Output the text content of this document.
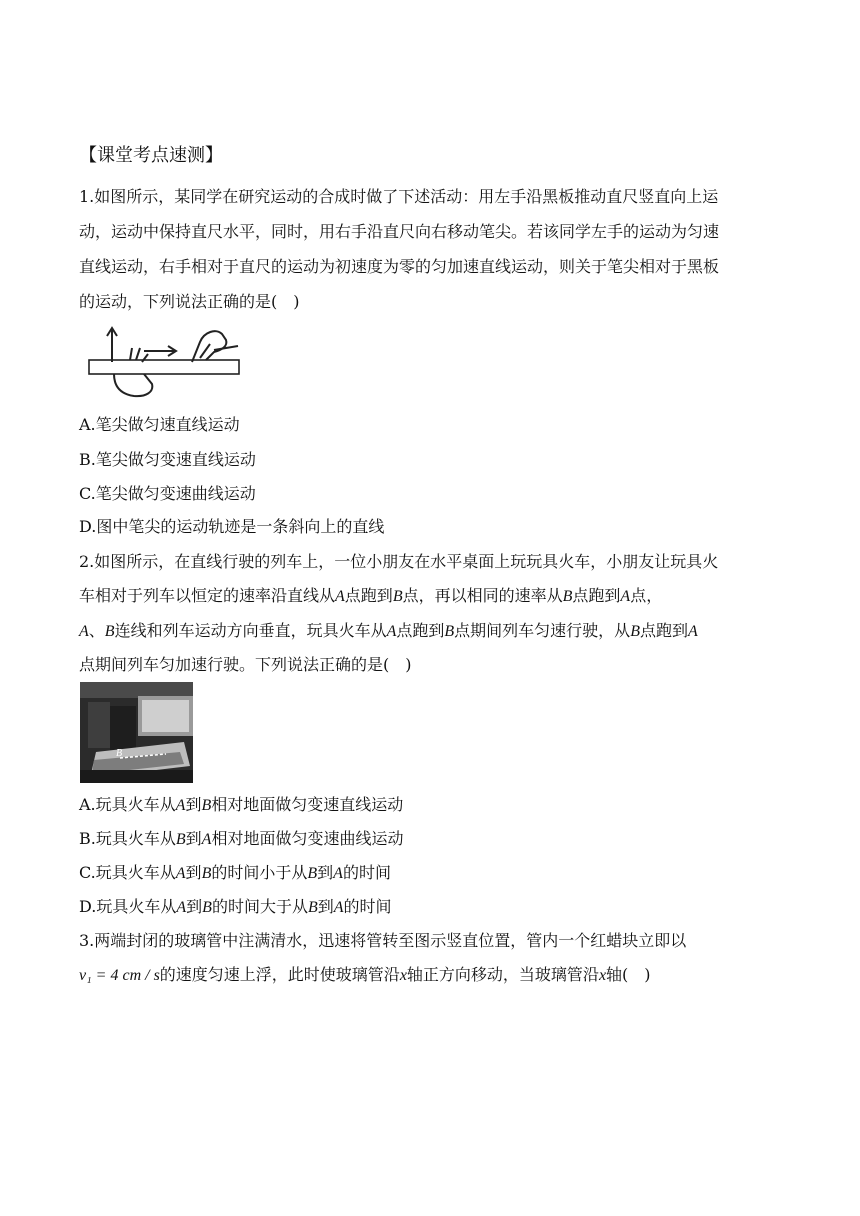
【课堂考点速测】
1.如图所示，某同学在研究运动的合成时做了下述活动：用左手沿黑板推动直尺竖直向上运
动，运动中保持直尺水平，同时，用右手沿直尺向右移动笔尖。若该同学左手的运动为匀速
直线运动，右手相对于直尺的运动为初速度为零的匀加速直线运动，则关于笔尖相对于黑板
的运动，下列说法正确的是(　)
A.笔尖做匀速直线运动
B.笔尖做匀变速直线运动
C.笔尖做匀变速曲线运动
D.图中笔尖的运动轨迹是一条斜向上的直线
2.如图所示，在直线行驶的列车上，一位小朋友在水平桌面上玩玩具火车，小朋友让玩具火
车相对于列车以恒定的速率沿直线从A点跑到B点，再以相同的速率从B点跑到A点，
A、B连线和列车运动方向垂直，玩具火车从A点跑到B点期间列车匀速行驶，从B点跑到A
点期间列车匀加速行驶。下列说法正确的是(　)
B
A.玩具火车从A到B相对地面做匀变速直线运动
B.玩具火车从B到A相对地面做匀变速曲线运动
C.玩具火车从A到B的时间小于从B到A的时间
D.玩具火车从A到B的时间大于从B到A的时间
3.两端封闭的玻璃管中注满清水，迅速将管转至图示竖直位置，管内一个红蜡块立即以
v₁ = 4 cm / s的速度匀速上浮，此时使玻璃管沿x轴正方向移动，当玻璃管沿x轴(　)
